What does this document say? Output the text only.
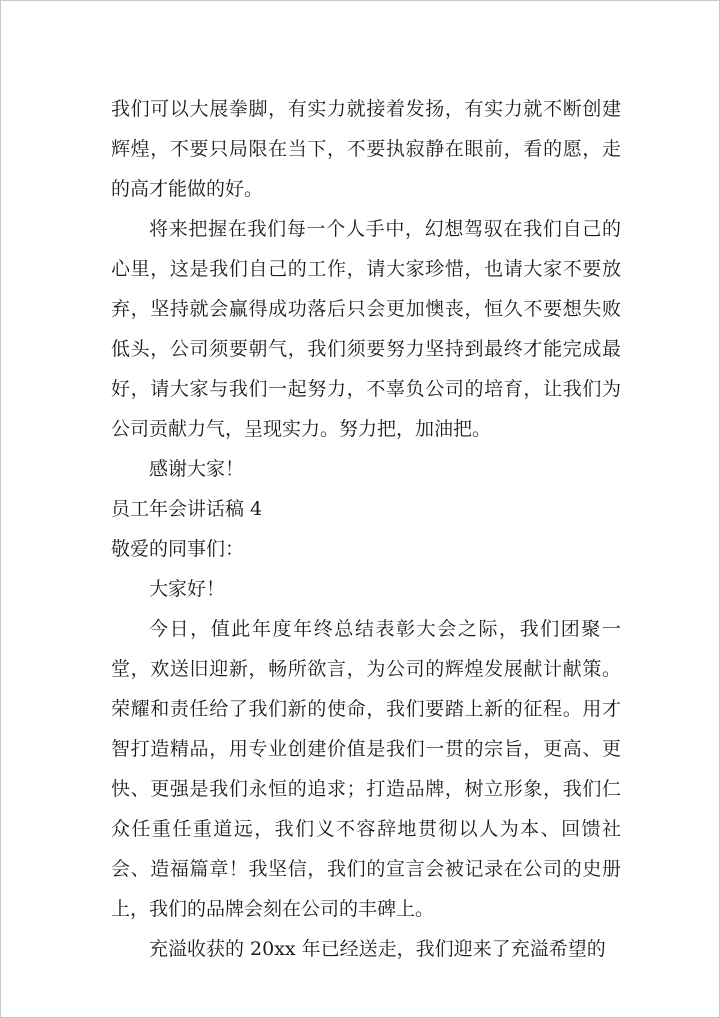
我们可以大展拳脚，有实力就接着发扬，有实力就不断创建辉煌，不要只局限在当下，不要执寂静在眼前，看的愿，走的高才能做的好。

将来把握在我们每一个人手中，幻想驾驭在我们自己的心里，这是我们自己的工作，请大家珍惜，也请大家不要放弃，坚持就会赢得成功落后只会更加懊丧，恒久不要想失败低头，公司须要朝气，我们须要努力坚持到最终才能完成最好，请大家与我们一起努力，不辜负公司的培育，让我们为公司贡献力气，呈现实力。努力把，加油把。

感谢大家！

员工年会讲话稿 4

敬爱的同事们：

大家好！

今日，值此年度年终总结表彰大会之际，我们团聚一堂，欢送旧迎新，畅所欲言，为公司的辉煌发展献计献策。荣耀和责任给了我们新的使命，我们要踏上新的征程。用才智打造精品，用专业创建价值是我们一贯的宗旨，更高、更快、更强是我们永恒的追求；打造品牌，树立形象，我们仁众任重任重道远，我们义不容辞地贯彻以人为本、回馈社会、造福篇章！我坚信，我们的宣言会被记录在公司的史册上，我们的品牌会刻在公司的丰碑上。

充溢收获的 20xx 年已经送走，我们迎来了充溢希望的
